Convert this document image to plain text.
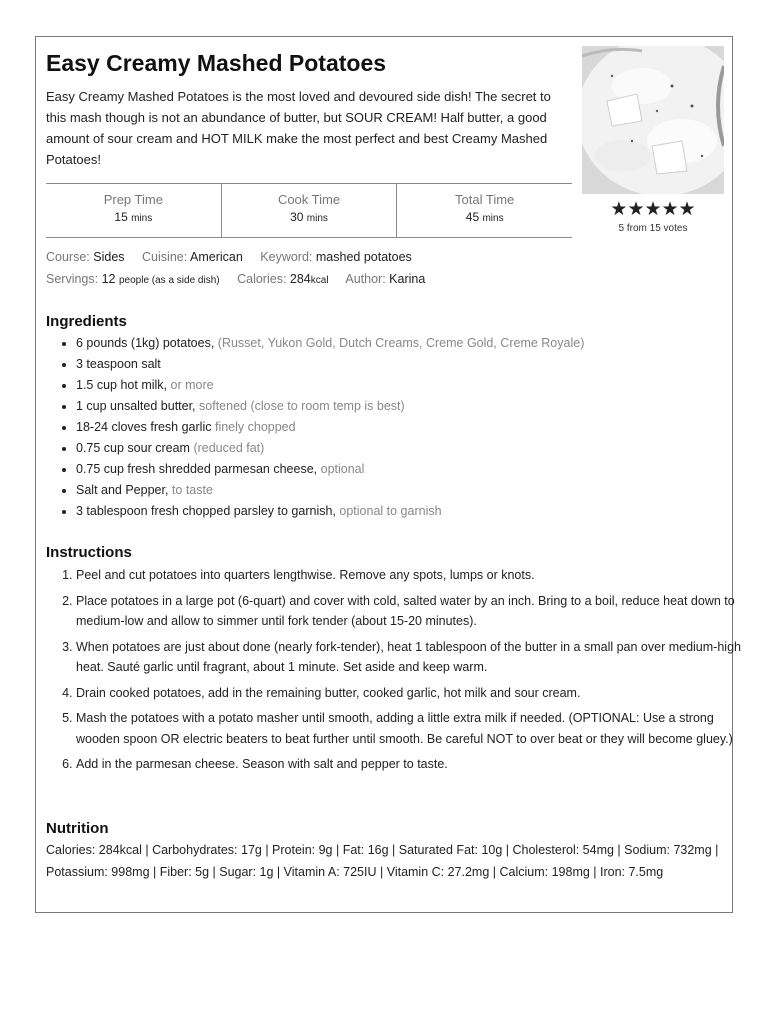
Easy Creamy Mashed Potatoes

Easy Creamy Mashed Potatoes is the most loved and devoured side dish! The secret to this mash though is not an abundance of butter, but SOUR CREAM! Half butter, a good amount of sour cream and HOT MILK make the most perfect and best Creamy Mashed Potatoes!

★★★★★
5 from 15 votes
Prep Time
15 mins
Cook Time
30 mins
Total Time
45 mins
Course: Sides Cuisine: American Keyword: mashed potatoes
Servings: 12 people (as a side dish) Calories: 284kcal Author: Karina
Ingredients
• 6 pounds (1kg) potatoes, (Russet, Yukon Gold, Dutch Creams, Creme Gold, Creme Royale)
• 3 teaspoon salt
• 1.5 cup hot milk, or more
• 1 cup unsalted butter, softened (close to room temp is best)
• 18-24 cloves fresh garlic finely chopped
• 0.75 cup sour cream (reduced fat)
• 0.75 cup fresh shredded parmesan cheese, optional
• Salt and Pepper, to taste
• 3 tablespoon fresh chopped parsley to garnish, optional to garnish
Instructions
1. Peel and cut potatoes into quarters lengthwise. Remove any spots, lumps or knots.
2. Place potatoes in a large pot (6-quart) and cover with cold, salted water by an inch. Bring to a boil, reduce heat down to medium-low and allow to simmer until fork tender (about 15-20 minutes).
3. When potatoes are just about done (nearly fork-tender), heat 1 tablespoon of the butter in a small pan over medium-high heat. Sauté garlic until fragrant, about 1 minute. Set aside and keep warm.
4. Drain cooked potatoes, add in the remaining butter, cooked garlic, hot milk and sour cream.
5. Mash the potatoes with a potato masher until smooth, adding a little extra milk if needed. (OPTIONAL: Use a strong wooden spoon OR electric beaters to beat further until smooth. Be careful NOT to over beat or they will become gluey.)
6. Add in the parmesan cheese. Season with salt and pepper to taste.
Nutrition

Calories: 284kcal | Carbohydrates: 17g | Protein: 9g | Fat: 16g | Saturated Fat: 10g | Cholesterol: 54mg | Sodium: 732mg | Potassium: 998mg | Fiber: 5g | Sugar: 1g | Vitamin A: 725IU | Vitamin C: 27.2mg | Calcium: 198mg | Iron: 7.5mg
